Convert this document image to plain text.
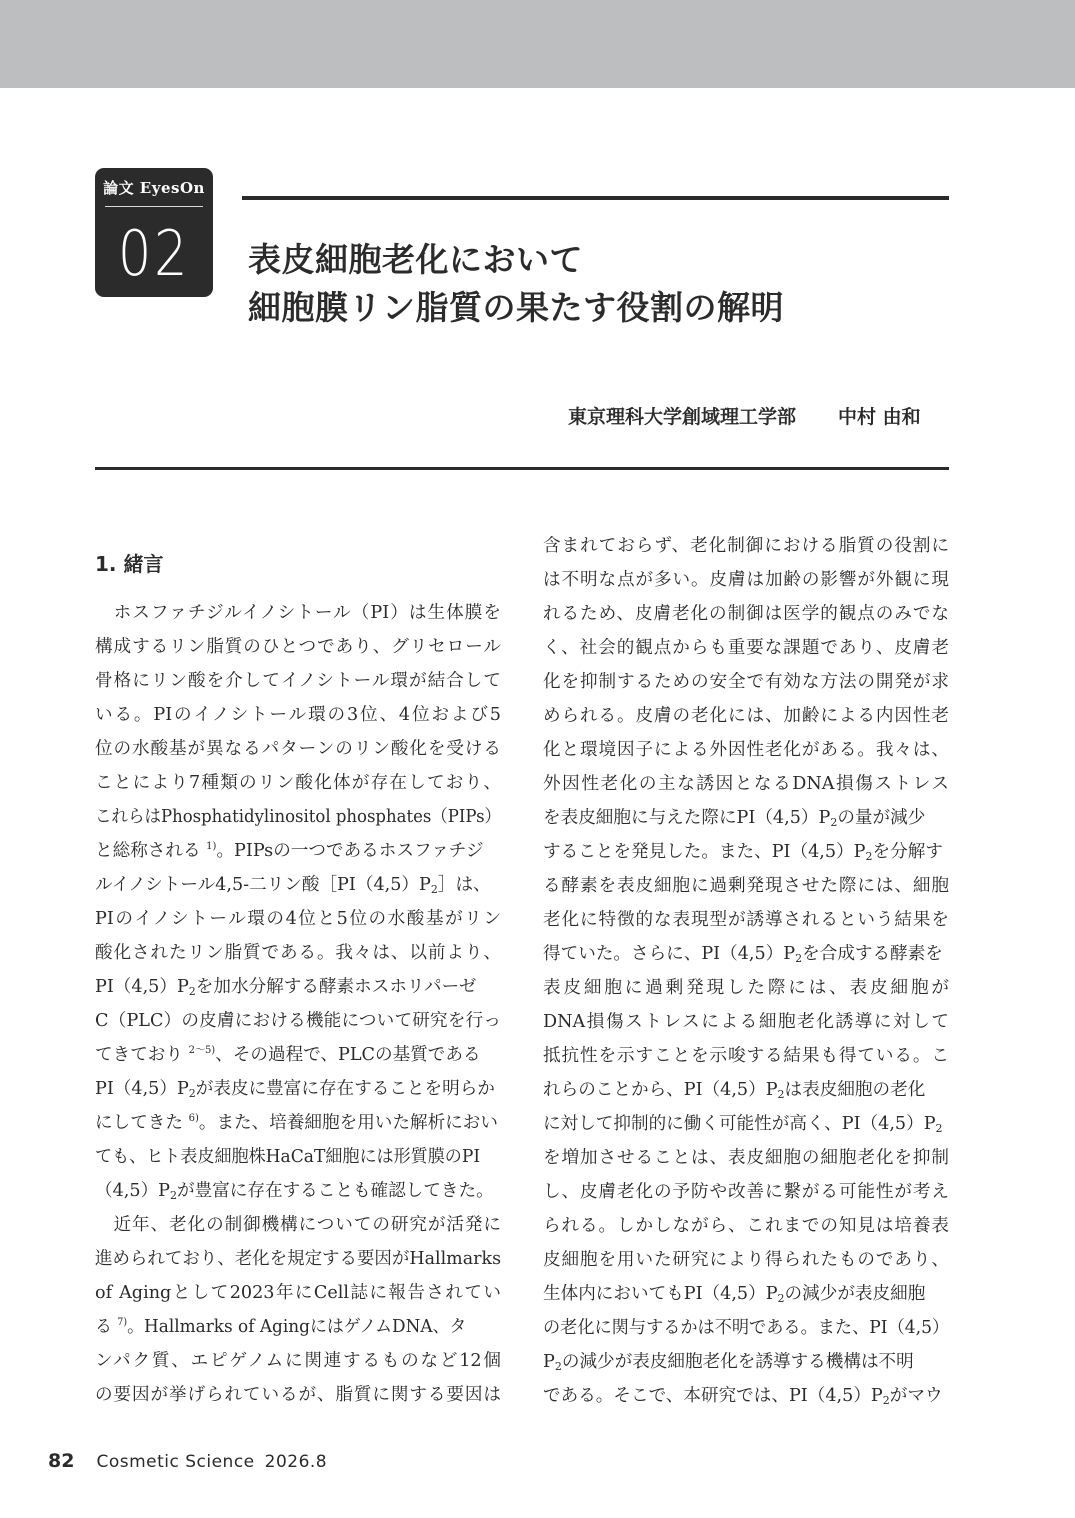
論文 EyesOn
02	表皮細胞老化において
細胞膜リン脂質の果たす役割の解明
東京理科大学創域理工学部 中村 由和
1. 緒言
　ホスファチジルイノシトール（PI）は生体膜を
構成するリン脂質のひとつであり、グリセロール
骨格にリン酸を介してイノシトール環が結合して
いる。PIのイノシトール環の3位、4位および5
位の水酸基が異なるパターンのリン酸化を受ける
ことにより7種類のリン酸化体が存在しており、
これらはPhosphatidylinositol phosphates（PIPs）
と総称される $^{1)}$。PIPsの一つであるホスファチジ
ルイノシトール4,5-二リン酸$[PI(4,5)P_2]$は、
PIのイノシトール環の4位と5位の水酸基がリン
酸化されたリン脂質である。我々は、以前より、
$PI(4,5)P_2$を加水分解する酵素ホスホリパーゼ
C（PLC）の皮膚における機能について研究を行っ
てきており $^{2〜5)}$、その過程で、PLCの基質である
$PI(4,5)P_2$が表皮に豊富に存在することを明らか
にしてきた $^{6)}$。また、培養細胞を用いた解析におい
ても、ヒト表皮細胞株HaCaT細胞には形質膜のPI
$(4,5)P_2$が豊富に存在することも確認してきた。
　近年、老化の制御機構についての研究が活発に
進められており、老化を規定する要因がHallmarks
of Agingとして2023年にCell誌に報告されてい
る $^{7)}$。Hallmarks of AgingにはゲノムDNA、タ
ンパク質、エピゲノムに関連するものなど12個
の要因が挙げられているが、脂質に関する要因は
含まれておらず、老化制御における脂質の役割に
は不明な点が多い。皮膚は加齢の影響が外観に現
れるため、皮膚老化の制御は医学的観点のみでな
く、社会的観点からも重要な課題であり、皮膚老
化を抑制するための安全で有効な方法の開発が求
められる。皮膚の老化には、加齢による内因性老
化と環境因子による外因性老化がある。我々は、
外因性老化の主な誘因となるDNA損傷ストレス
を表皮細胞に与えた際に$PI(4,5)P_2$の量が減少
することを発見した。また、$PI(4,5)P_2$を分解す
る酵素を表皮細胞に過剰発現させた際には、細胞
老化に特徴的な表現型が誘導されるという結果を
得ていた。さらに、$PI(4,5)P_2$を合成する酵素を
表皮細胞に過剰発現した際には、表皮細胞が
DNA損傷ストレスによる細胞老化誘導に対して
抵抗性を示すことを示唆する結果も得ている。こ
れらのことから、$PI(4,5)P_2$は表皮細胞の老化
に対して抑制的に働く可能性が高く、$PI(4,5)P_2$
を増加させることは、表皮細胞の細胞老化を抑制
し、皮膚老化の予防や改善に繋がる可能性が考え
られる。しかしながら、これまでの知見は培養表
皮細胞を用いた研究により得られたものであり、
生体内においても$PI(4,5)P_2$の減少が表皮細胞
の老化に関与するかは不明である。また、PI（4,5）
$P_2$の減少が表皮細胞老化を誘導する機構は不明
である。そこで、本研究では、$PI(4,5)P_2$がマウ
82 Cosmetic Science 2026.8
